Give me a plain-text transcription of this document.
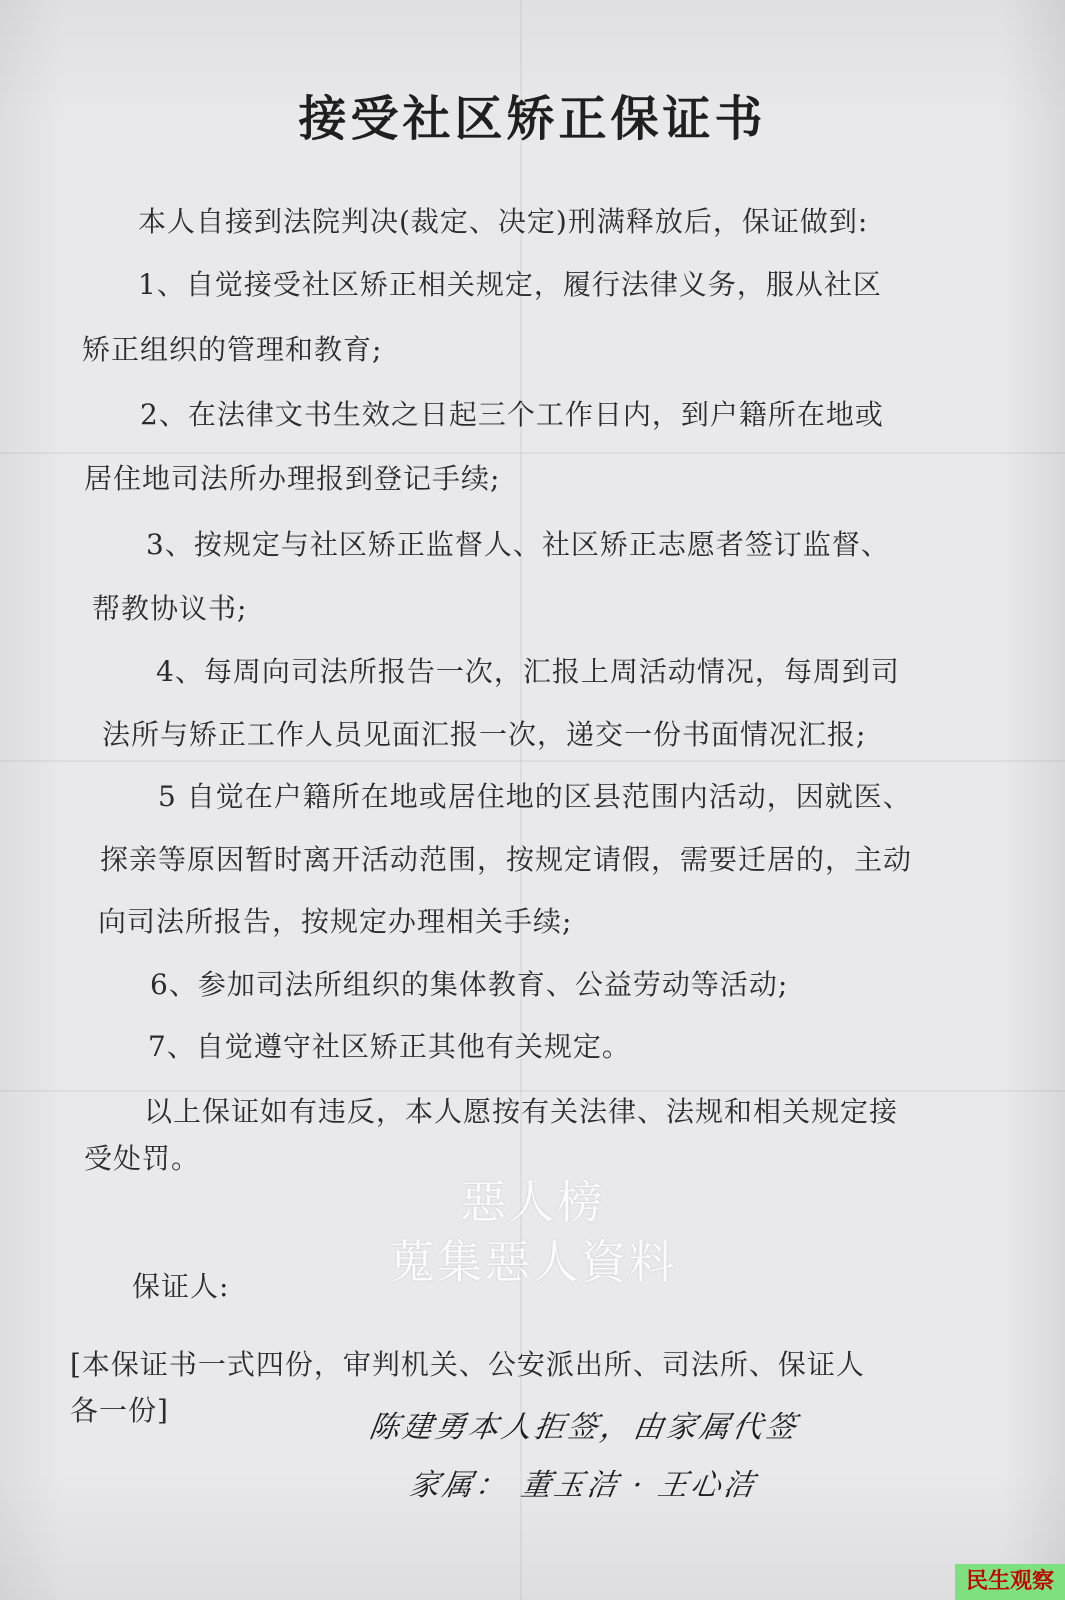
接受社区矫正保证书
本人自接到法院判决(裁定、决定)刑满释放后，保证做到:
1、自觉接受社区矫正相关规定，履行法律义务，服从社区
矫正组织的管理和教育;
2、在法律文书生效之日起三个工作日内，到户籍所在地或
居住地司法所办理报到登记手续;
3、按规定与社区矫正监督人、社区矫正志愿者签订监督、
帮教协议书;
4、每周向司法所报告一次，汇报上周活动情况，每周到司
法所与矫正工作人员见面汇报一次，递交一份书面情况汇报;
5 自觉在户籍所在地或居住地的区县范围内活动，因就医、
探亲等原因暂时离开活动范围，按规定请假，需要迁居的，主动
向司法所报告，按规定办理相关手续;
6、参加司法所组织的集体教育、公益劳动等活动;
7、自觉遵守社区矫正其他有关规定。
以上保证如有违反，本人愿按有关法律、法规和相关规定接
受处罚。
惡人榜
蒐集惡人資料
保证人:
[本保证书一式四份，审判机关、公安派出所、司法所、保证人
各一份]	陈建勇本人拒签，由家属代签
家属： 董玉洁 · 王心洁
民生观察
